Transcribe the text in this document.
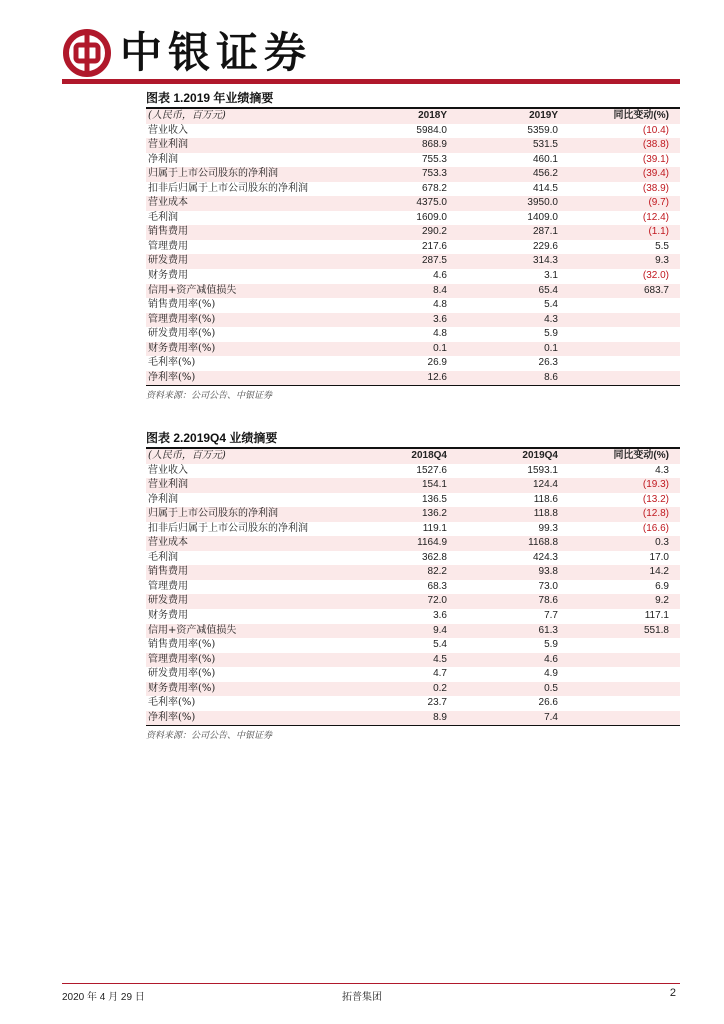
中银证券
图表 1.2019 年业绩摘要
(人民币，百万元)	2018Y	2019Y	同比变动(%)
营业收入	5984.0	5359.0	(10.4)
营业利润	868.9	531.5	(38.8)
净利润	755.3	460.1	(39.1)
归属于上市公司股东的净利润	753.3	456.2	(39.4)
扣非后归属于上市公司股东的净利润	678.2	414.5	(38.9)
营业成本	4375.0	3950.0	(9.7)
毛利润	1609.0	1409.0	(12.4)
销售费用	290.2	287.1	(1.1)
管理费用	217.6	229.6	5.5
研发费用	287.5	314.3	9.3
财务费用	4.6	3.1	(32.0)
信用+资产减值损失	8.4	65.4	683.7
销售费用率(%)	4.8	5.4	
管理费用率(%)	3.6	4.3	
研发费用率(%)	4.8	5.9	
财务费用率(%)	0.1	0.1	
毛利率(%)	26.9	26.3	
净利率(%)	12.6	8.6	
资料来源：公司公告、中银证券
图表 2.2019Q4 业绩摘要
(人民币，百万元)	2018Q4	2019Q4	同比变动(%)
营业收入	1527.6	1593.1	4.3
营业利润	154.1	124.4	(19.3)
净利润	136.5	118.6	(13.2)
归属于上市公司股东的净利润	136.2	118.8	(12.8)
扣非后归属于上市公司股东的净利润	119.1	99.3	(16.6)
营业成本	1164.9	1168.8	0.3
毛利润	362.8	424.3	17.0
销售费用	82.2	93.8	14.2
管理费用	68.3	73.0	6.9
研发费用	72.0	78.6	9.2
财务费用	3.6	7.7	117.1
信用+资产减值损失	9.4	61.3	551.8
销售费用率(%)	5.4	5.9	
管理费用率(%)	4.5	4.6	
研发费用率(%)	4.7	4.9	
财务费用率(%)	0.2	0.5	
毛利率(%)	23.7	26.6	
净利率(%)	8.9	7.4	
资料来源：公司公告、中银证券
2020 年 4 月 29 日	拓普集团	2
